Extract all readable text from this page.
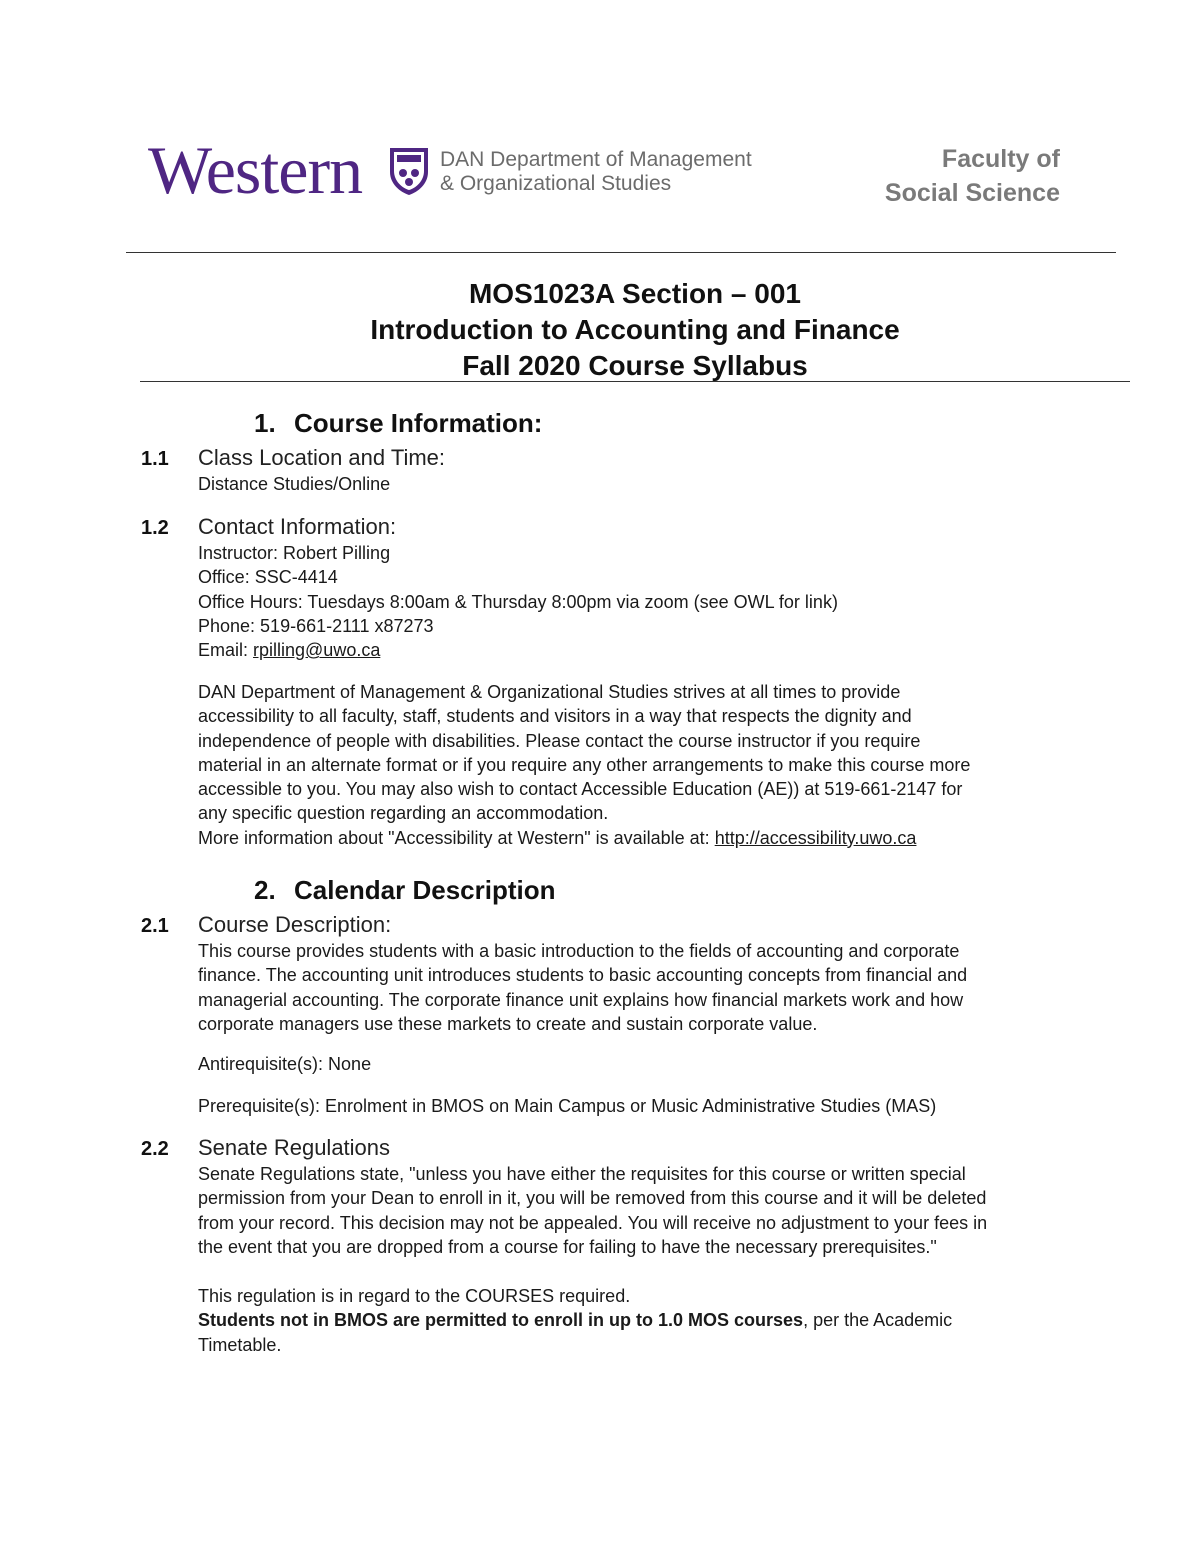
Western	DAN Department of Management
& Organizational Studies
Faculty of
Social Science
MOS1023A Section – 001
Introduction to Accounting and Finance
Fall 2020 Course Syllabus
1. Course Information:
1.1 Class Location and Time:
Distance Studies/Online
1.2 Contact Information:
Instructor: Robert Pilling
Office: SSC-4414
Office Hours: Tuesdays 8:00am & Thursday 8:00pm via zoom (see OWL for link)
Phone: 519-661-2111 x87273
Email: rpilling@uwo.ca
DAN Department of Management & Organizational Studies strives at all times to provide
accessibility to all faculty, staff, students and visitors in a way that respects the dignity and
independence of people with disabilities. Please contact the course instructor if you require
material in an alternate format or if you require any other arrangements to make this course more
accessible to you. You may also wish to contact Accessible Education (AE)) at 519-661-2147 for
any specific question regarding an accommodation.
More information about "Accessibility at Western" is available at: http://accessibility.uwo.ca
2. Calendar Description
2.1 Course Description:
This course provides students with a basic introduction to the fields of accounting and corporate
finance. The accounting unit introduces students to basic accounting concepts from financial and
managerial accounting. The corporate finance unit explains how financial markets work and how
corporate managers use these markets to create and sustain corporate value.
Antirequisite(s): None
Prerequisite(s): Enrolment in BMOS on Main Campus or Music Administrative Studies (MAS)
2.2 Senate Regulations
Senate Regulations state, "unless you have either the requisites for this course or written special
permission from your Dean to enroll in it, you will be removed from this course and it will be deleted
from your record. This decision may not be appealed. You will receive no adjustment to your fees in
the event that you are dropped from a course for failing to have the necessary prerequisites."
This regulation is in regard to the COURSES required.
Students not in BMOS are permitted to enroll in up to 1.0 MOS courses, per the Academic
Timetable.
